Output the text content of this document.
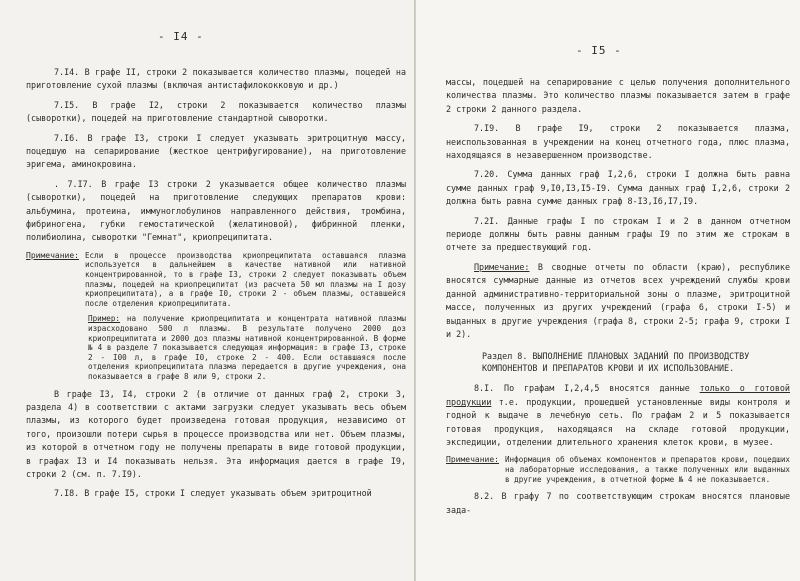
- I4 -

7.I4. В графе II, строки 2 показывается количество плазмы, поцедей на приготовление сухой плазмы (включая антистафилококковую и др.)

7.I5. В графе I2, строки 2 показывается количество плазмы (сыворотки), поцедей на приготовление стандартной сыворотки.

7.I6. В графе I3, строки I следует указывать эритроцитную массу, поцедшую на сепарирование (жесткое центрифугирование), на приготовление эригема, аминокровина.

. 7.I7. В графе I3 строки 2 указывается общее количество плазмы (сыворотки), поцедей на приготовление следующих препаратов крови: альбумина, протеина, иммуноглобулинов направленного действия, тромбина, фибриногена, губки гемостатической (желатиновой), фибринной пленки, полибиолина, сыворотки "Гемнат", криопреципитата.

Примечание: Если в процессе производства криопреципитата оставшаяся плазма используется в дальнейшем в качестве нативной или нативной концентрированной, то в графе I3, строки 2 следует показывать объем плазмы, поцедей на криопреципитат (из расчета 50 мл плазмы на I дозу криопреципитата), а в графе I0, строки 2 - объем плазмы, оставшейся после отделения криопреципитата.
Пример: на получение криопреципитата и концентрата нативной плазмы израсходовано 500 л плазмы. В результате получено 2000 доз криопреципитата и 2000 доз плазмы нативной концентрированной. В форме № 4 в разделе 7 показывается следующая информация: в графе I3, строке 2 - I00 л, в графе I0, строке 2 - 400. Если оставшаяся после отделения криопреципитата плазма передается в другие учреждения, она показывается в графе 8 или 9, строки 2.

В графе I3, I4, строки 2 (в отличие от данных граф 2, строки 3, раздела 4) в соответствии с актами загрузки следует указывать весь объем плазмы, из которого будет произведена готовая продукция, независимо от того, произошли потери сырья в процессе производства или нет. Объем плазмы, из которой в отчетном году не получены препараты в виде готовой продукции, в графах I3 и I4 показывать нельзя. Эта информация дается в графе I9, строки 2 (см. п. 7.I9).

7.I8. В графе I5, строки I следует указывать объем эритроцитной

- I5 -

массы, поцедшей на сепарирование с целью получения дополнительного количества плазмы. Это количество плазмы показывается затем в графе 2 строки 2 данного раздела.

7.I9. В графе I9, строки 2 показывается плазма, неиспользованная в учреждении на конец отчетного года, плюс плазма, находящаяся в незавершенном производстве.

7.20. Сумма данных граф I,2,6, строки I должна быть равна сумме данных граф 9,I0,I3,I5-I9. Сумма данных граф I,2,6, строки 2 должна быть равна сумме данных граф 8-I3,I6,I7,I9.

7.2I. Данные графы I по строкам I и 2 в данном отчетном периоде должны быть равны данным графы I9 по этим же строкам в отчете за предшествующий год.

Примечание: В сводные отчеты по области (краю), республике вносятся суммарные данные из отчетов всех учреждений службы крови данной административно-территориальной зоны о плазме, эритроцитной массе, полученных из других учреждений (графа 6, строки I-5) и выданных в другие учреждения (графа 8, строки 2-5; графа 9, строки I и 2).

Раздел 8. ВЫПОЛНЕНИЕ ПЛАНОВЫХ ЗАДАНИЙ ПО ПРОИЗВОДСТВУ КОМПОНЕНТОВ И ПРЕПАРАТОВ КРОВИ И ИХ ИСПОЛЬЗОВАНИЕ.

8.I. По графам I,2,4,5 вносятся данные только о готовой продукции т.е. продукции, прошедшей установленные виды контроля и годной к выдаче в лечебную сеть. По графам 2 и 5 показывается готовая продукция, находящаяся на складе готовой продукции, экспедиции, отделении длительного хранения клеток крови, в музее.

Примечание: Информация об объемах компонентов и препаратов крови, поцедших на лабораторные исследования, а также полученных или выданных в другие учреждения, в отчетной форме № 4 не показывается.

8.2. В графу 7 по соответствующим строкам вносятся плановые зада-
